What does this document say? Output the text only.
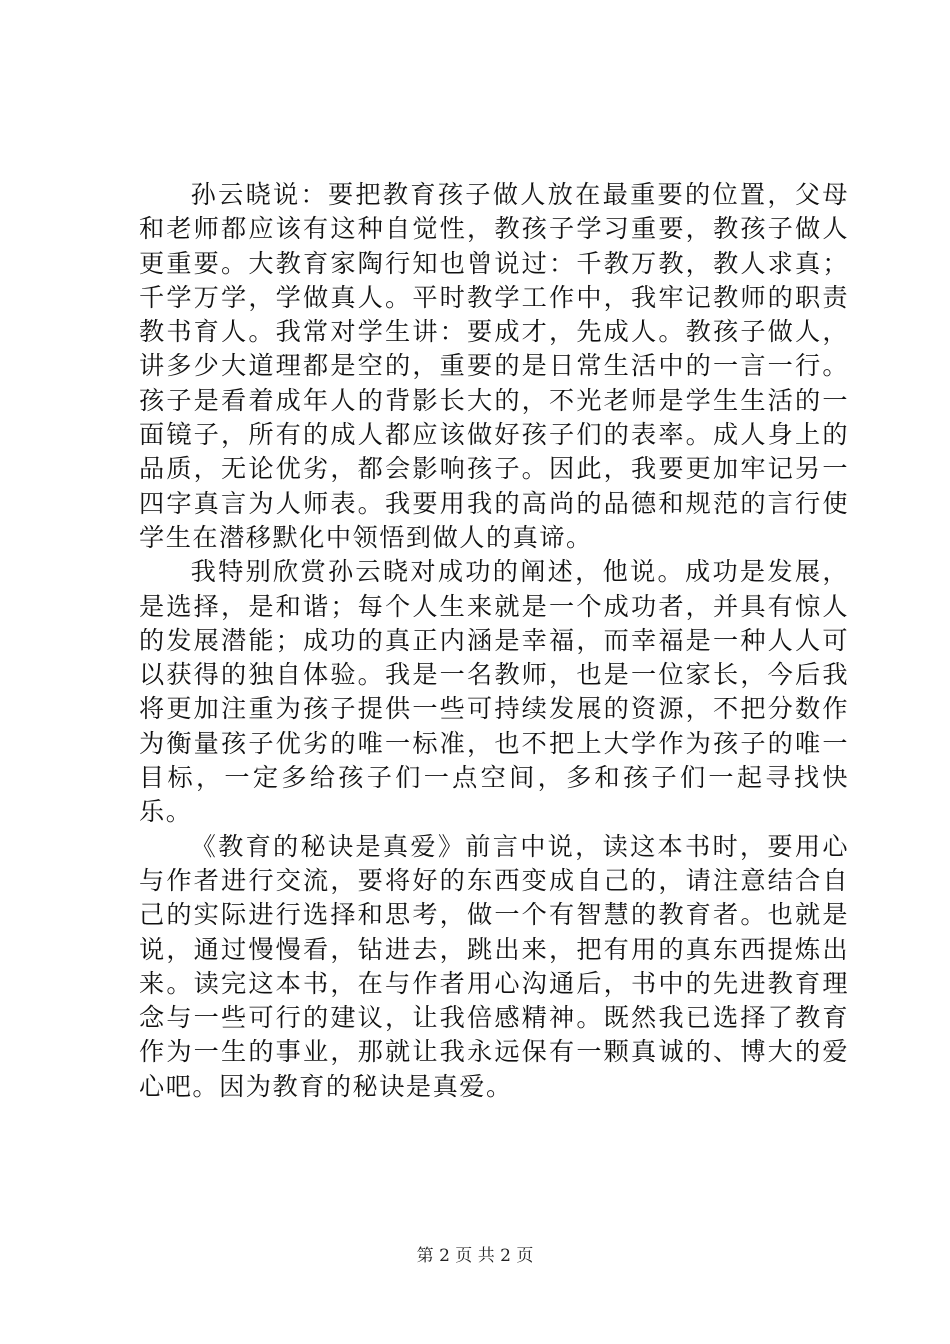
孙云晓说：要把教育孩子做人放在最重要的位置，父母和老师都应该有这种自觉性，教孩子学习重要，教孩子做人更重要。大教育家陶行知也曾说过：千教万教，教人求真；千学万学，学做真人。平时教学工作中，我牢记教师的职责教书育人。我常对学生讲：要成才，先成人。教孩子做人，讲多少大道理都是空的，重要的是日常生活中的一言一行。孩子是看着成年人的背影长大的，不光老师是学生生活的一面镜子，所有的成人都应该做好孩子们的表率。成人身上的品质，无论优劣，都会影响孩子。因此，我要更加牢记另一四字真言为人师表。我要用我的高尚的品德和规范的言行使学生在潜移默化中领悟到做人的真谛。

我特别欣赏孙云晓对成功的阐述，他说。成功是发展，是选择，是和谐；每个人生来就是一个成功者，并具有惊人的发展潜能；成功的真正内涵是幸福，而幸福是一种人人可以获得的独自体验。我是一名教师，也是一位家长，今后我将更加注重为孩子提供一些可持续发展的资源，不把分数作为衡量孩子优劣的唯一标准，也不把上大学作为孩子的唯一目标，一定多给孩子们一点空间，多和孩子们一起寻找快乐。

《教育的秘诀是真爱》前言中说，读这本书时，要用心与作者进行交流，要将好的东西变成自己的，请注意结合自己的实际进行选择和思考，做一个有智慧的教育者。也就是说，通过慢慢看，钻进去，跳出来，把有用的真东西提炼出来。读完这本书，在与作者用心沟通后，书中的先进教育理念与一些可行的建议，让我倍感精神。既然我已选择了教育作为一生的事业，那就让我永远保有一颗真诚的、博大的爱心吧。因为教育的秘诀是真爱。

第 2 页 共 2 页
